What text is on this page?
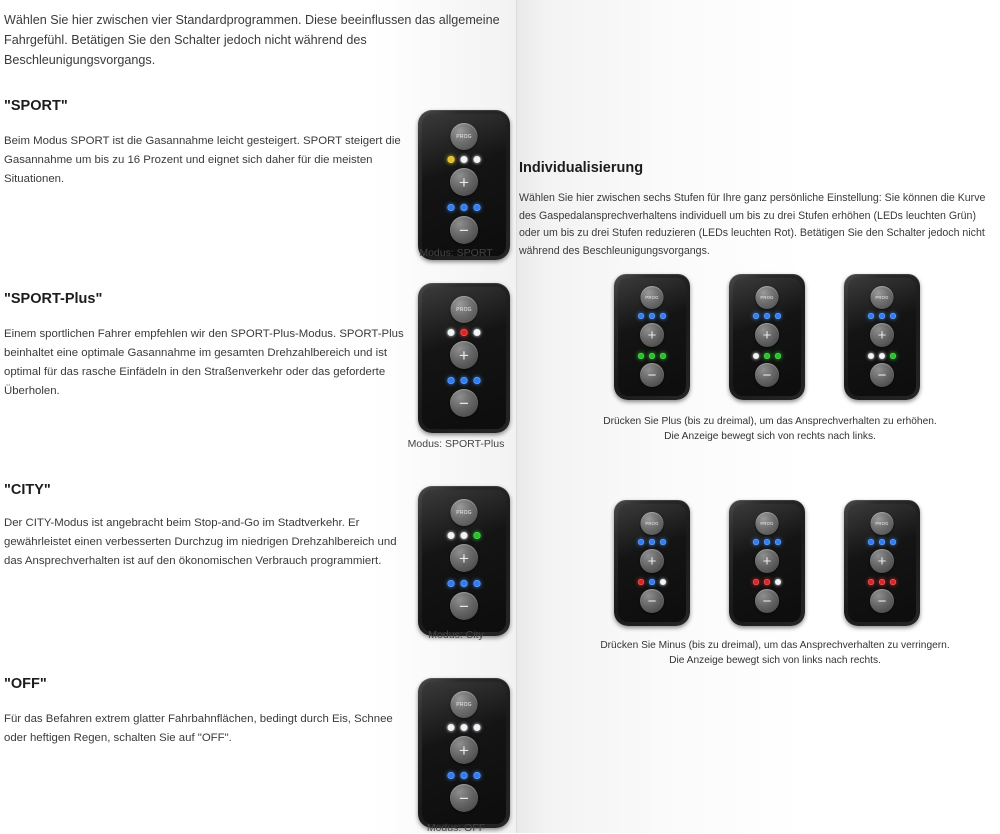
Wählen Sie hier zwischen vier Standardprogrammen. Diese beeinflussen das allgemeine Fahrgefühl. Betätigen Sie den Schalter jedoch nicht während des Beschleunigungsvorgangs.
"SPORT"
Beim Modus SPORT ist die Gasannahme leicht gesteigert. SPORT steigert die Gasannahme um bis zu 16 Prozent und eignet sich daher für die meisten Situationen.
PROG
+
−
Modus: SPORT
"SPORT-Plus"
Einem sportlichen Fahrer empfehlen wir den SPORT-Plus-Modus. SPORT-Plus beinhaltet eine optimale Gasannahme im gesamten Drehzahlbereich und ist optimal für das rasche Einfädeln in den Straßenverkehr oder das geforderte Überholen.
PROG
+
−
Modus: SPORT-Plus
"CITY"
Der CITY-Modus ist angebracht beim Stop-and-Go im Stadtverkehr. Er gewährleistet einen verbesserten Durchzug im niedrigen Drehzahlbereich und das Ansprechverhalten ist auf den ökonomischen Verbrauch programmiert.
PROG
+
−
Modus: City
"OFF"
Für das Befahren extrem glatter Fahrbahnflächen, bedingt durch Eis, Schnee oder heftigen Regen, schalten Sie auf "OFF".
PROG
+
−
Modus: OFF
Individualisierung
Wählen Sie hier zwischen sechs Stufen für Ihre ganz persönliche Einstellung: Sie können die Kurve des Gaspedalansprechverhaltens individuell um bis zu drei Stufen erhöhen (LEDs leuchten Grün) oder um bis zu drei Stufen reduzieren (LEDs leuchten Rot). Betätigen Sie den Schalter jedoch nicht während des Beschleunigungsvorgangs.
PROG
+
−
PROG
+
−
PROG
+
−
Drücken Sie Plus (bis zu dreimal), um das Ansprechverhalten zu erhöhen. Die Anzeige bewegt sich von rechts nach links.
PROG
+
−
PROG
+
−
PROG
+
−
Drücken Sie Minus (bis zu dreimal), um das Ansprechverhalten zu verringern. Die Anzeige bewegt sich von links nach rechts.
